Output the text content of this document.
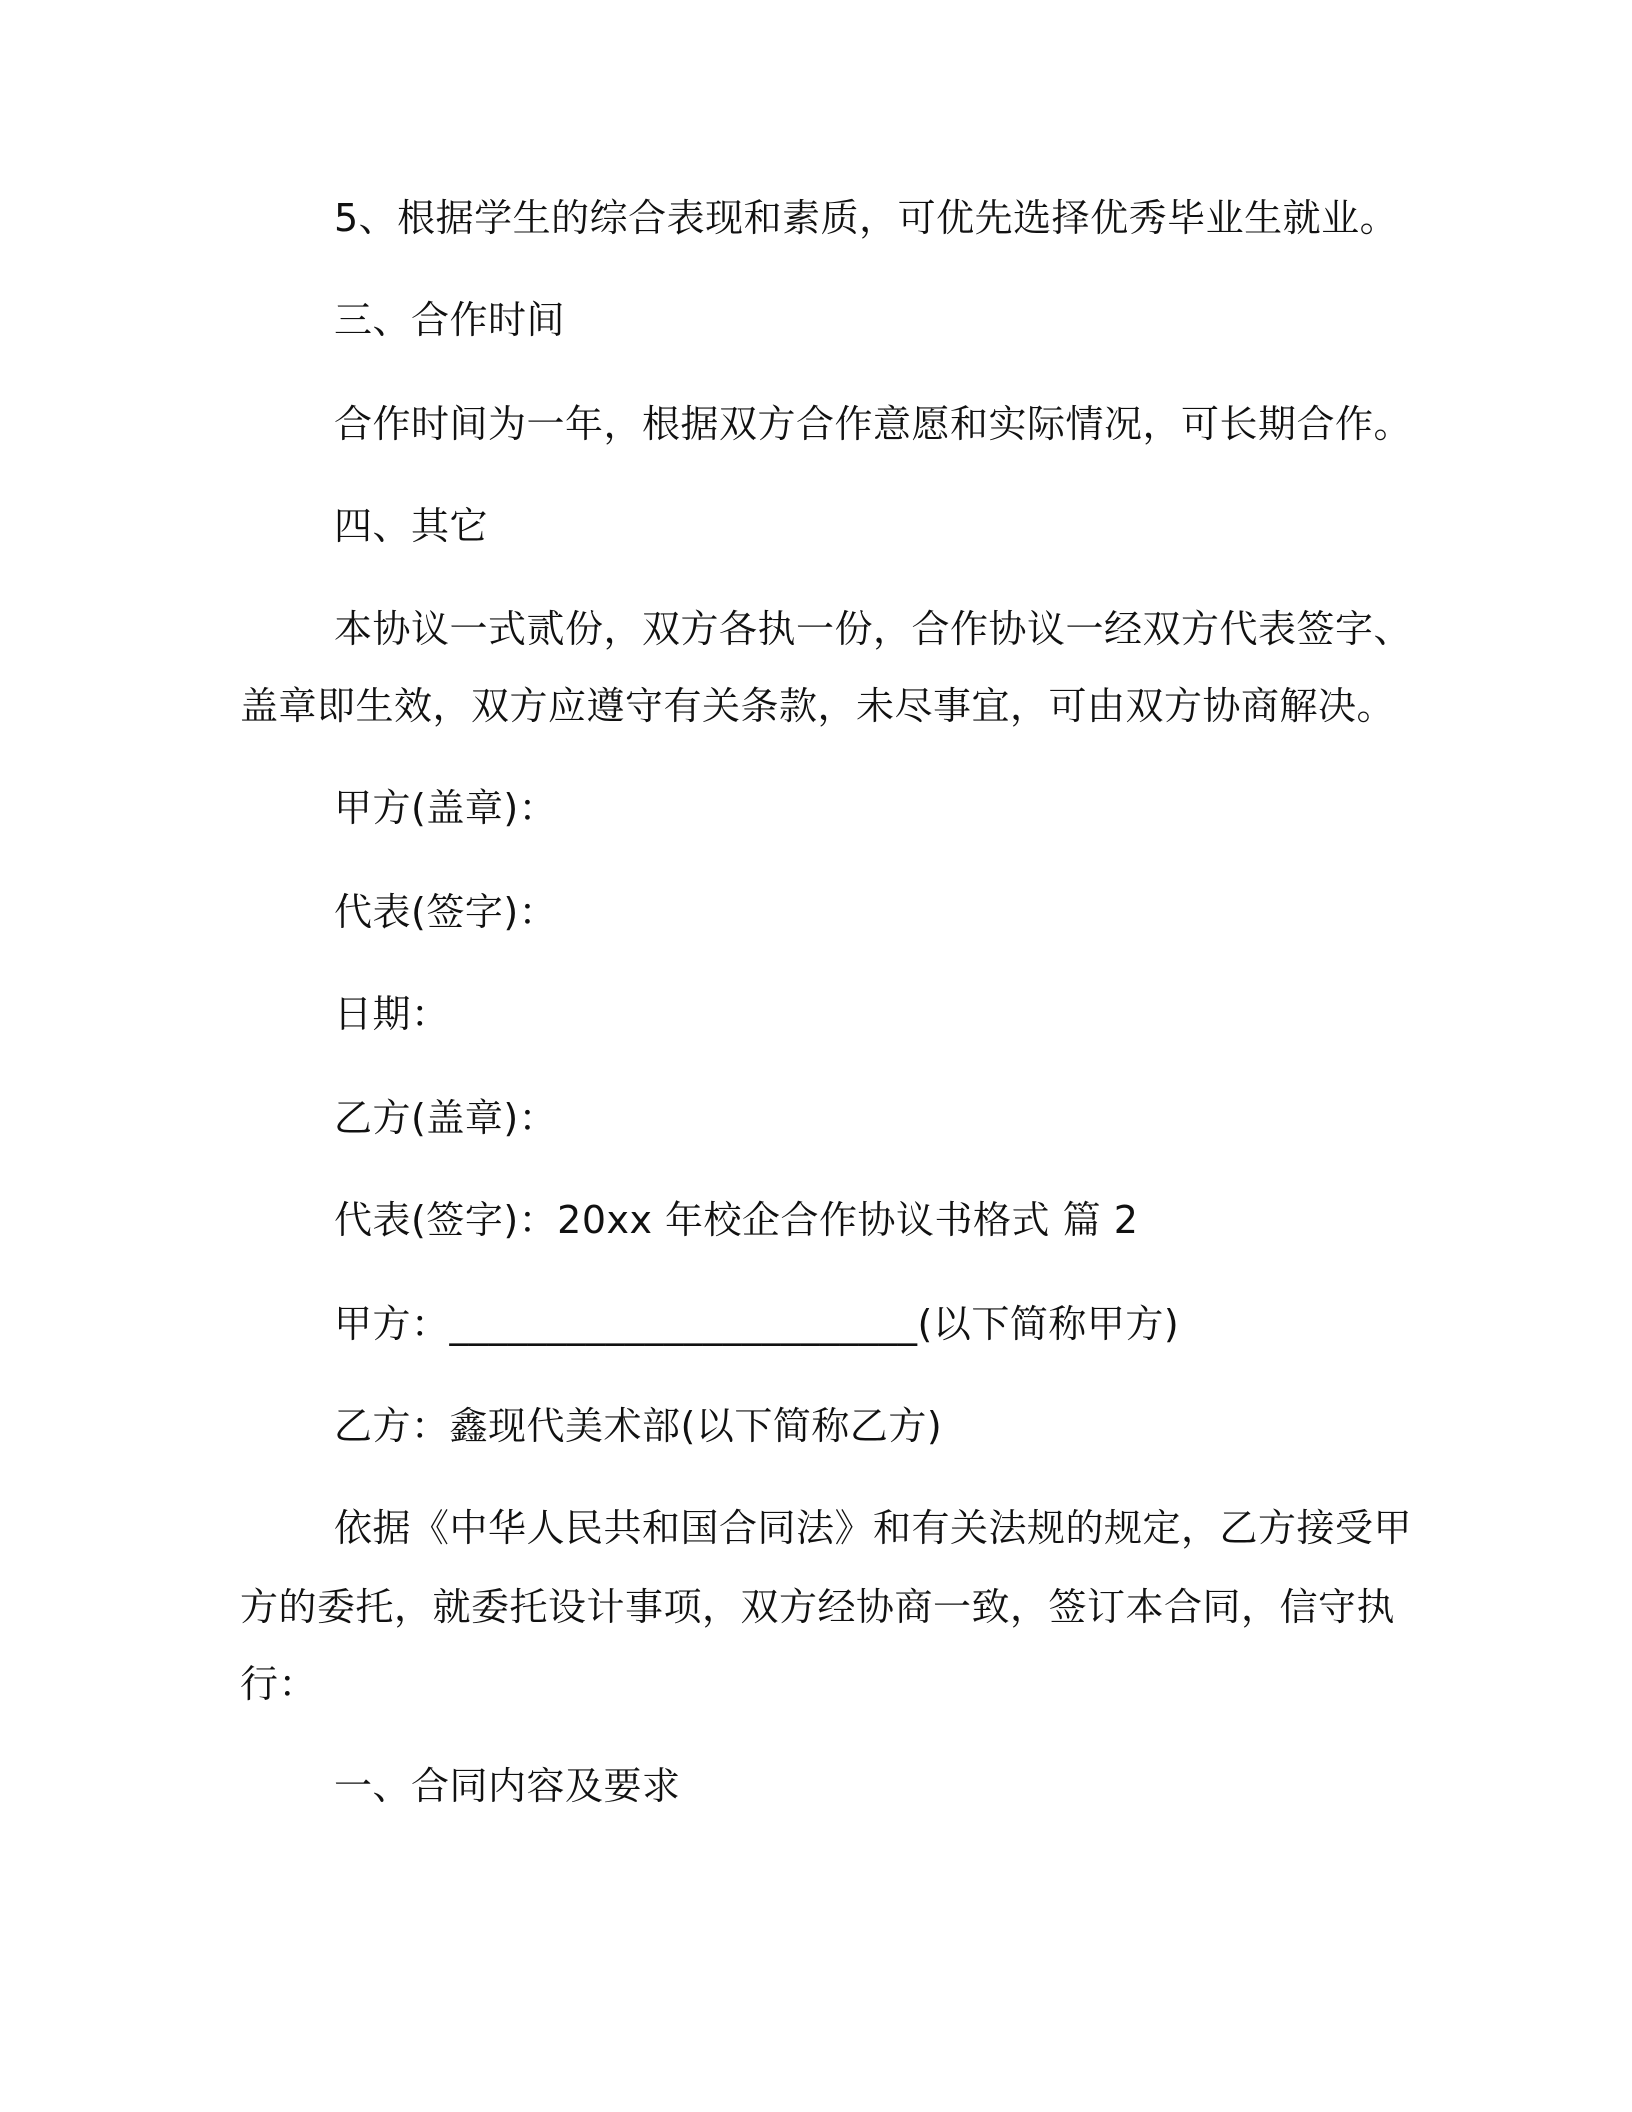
5、根据学生的综合表现和素质，可优先选择优秀毕业生就业。
三、合作时间
合作时间为一年，根据双方合作意愿和实际情况，可长期合作。
四、其它
本协议一式贰份，双方各执一份，合作协议一经双方代表签字、
盖章即生效，双方应遵守有关条款，未尽事宜，可由双方协商解决。
甲方(盖章)：
代表(签字)：
日期：
乙方(盖章)：
代表(签字)：20xx 年校企合作协议书格式 篇 2
甲方：________________________(以下简称甲方)
乙方：鑫现代美术部(以下简称乙方)
依据《中华人民共和国合同法》和有关法规的规定，乙方接受甲
方的委托，就委托设计事项，双方经协商一致，签订本合同，信守执
行：
一、合同内容及要求
